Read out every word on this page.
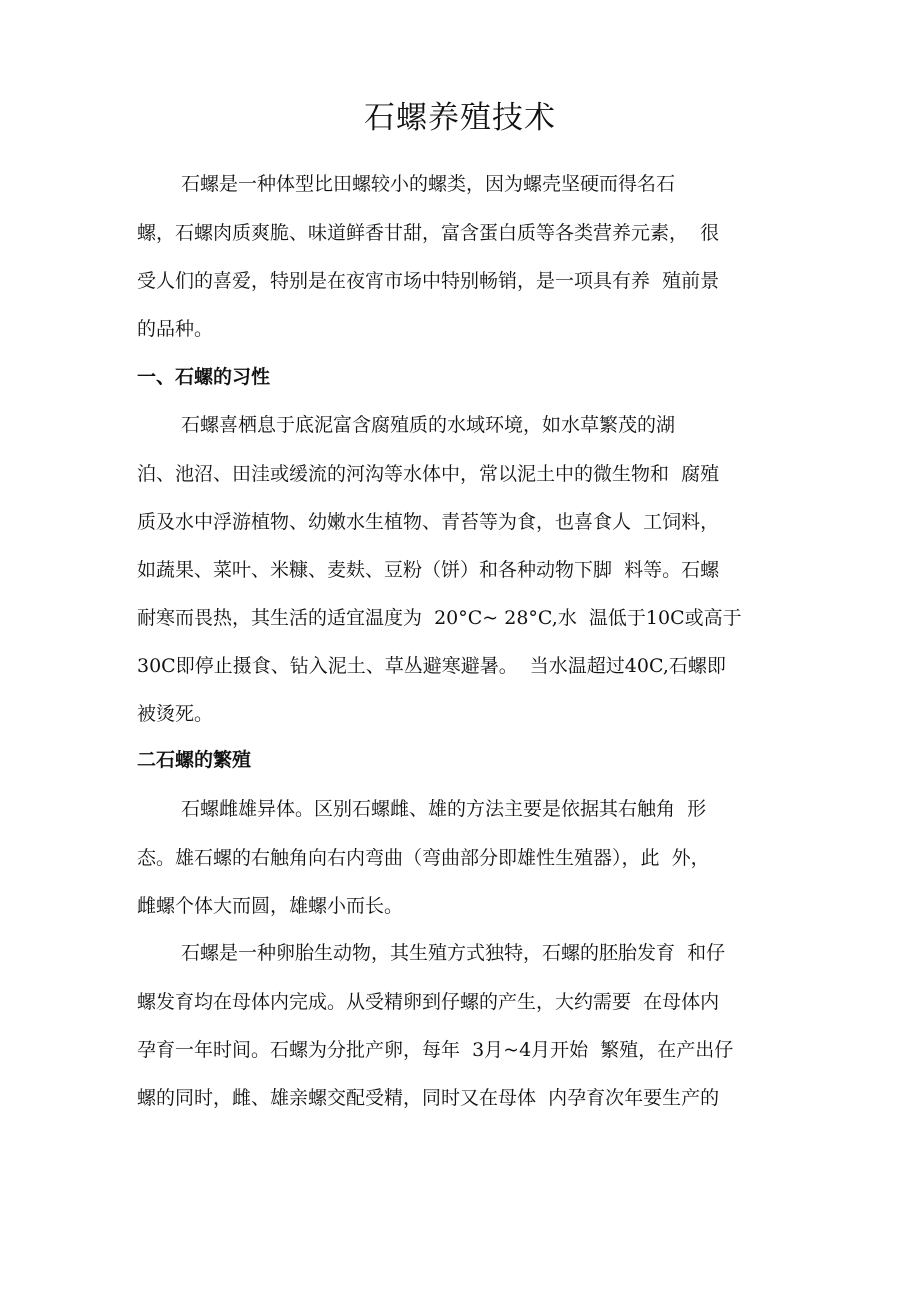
石螺养殖技术

石螺是一种体型比田螺较小的螺类，因为螺壳坚硬而得名石

螺，石螺肉质爽脆、味道鲜香甘甜，富含蛋白质等各类营养元素，  很

受人们的喜爱，特别是在夜宵市场中特别畅销，是一项具有养  殖前景

的品种。

一、石螺的习性

石螺喜栖息于底泥富含腐殖质的水域环境，如水草繁茂的湖

泊、池沼、田洼或缓流的河沟等水体中，常以泥土中的微生物和  腐殖

质及水中浮游植物、幼嫩水生植物、青苔等为食，也喜食人  工饲料，

如蔬果、菜叶、米糠、麦麸、豆粉（饼）和各种动物下脚  料等。石螺

耐寒而畏热，其生活的适宜温度为  20°C~ 28°C,水  温低于10C或高于

30C即停止摄食、钻入泥土、草丛避寒避暑。  当水温超过40C,石螺即

被烫死。

二石螺的繁殖

石螺雌雄异体。区别石螺雌、雄的方法主要是依据其右触角  形

态。雄石螺的右触角向右内弯曲（弯曲部分即雄性生殖器），此  外，

雌螺个体大而圆，雄螺小而长。

石螺是一种卵胎生动物，其生殖方式独特，石螺的胚胎发育  和仔

螺发育均在母体内完成。从受精卵到仔螺的产生，大约需要  在母体内

孕育一年时间。石螺为分批产卵，每年  3月~4月开始  繁殖，在产出仔

螺的同时，雌、雄亲螺交配受精，同时又在母体  内孕育次年要生产的
